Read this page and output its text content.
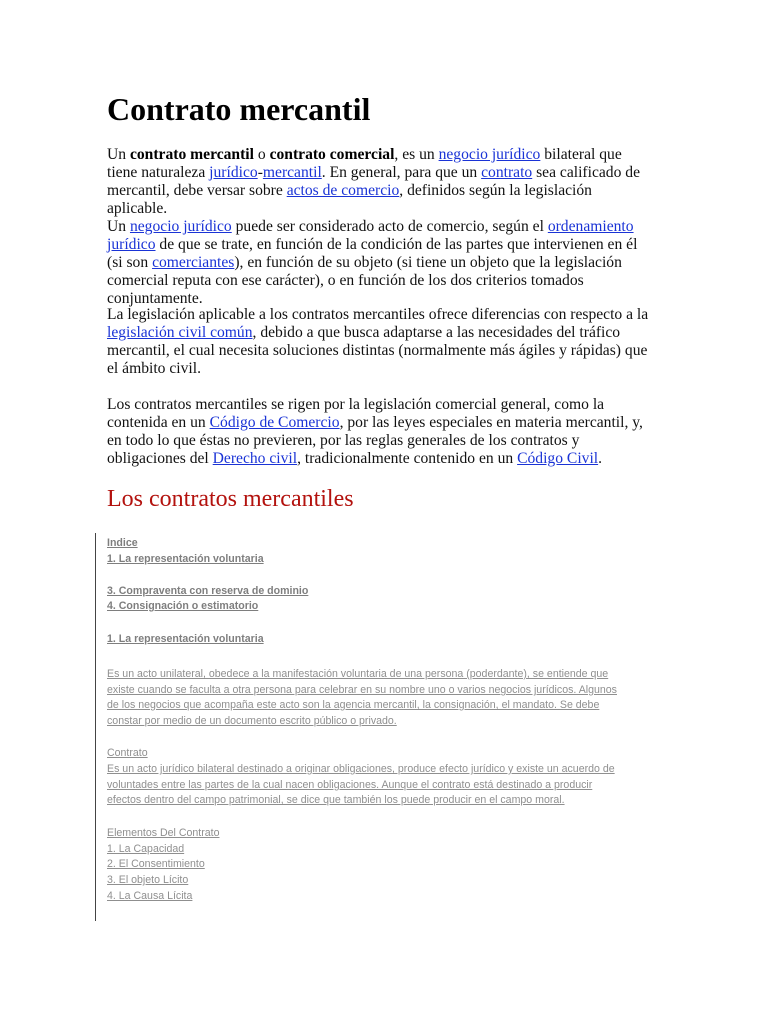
Contrato mercantil

Un contrato mercantil o contrato comercial, es un negocio jurídico bilateral que tiene naturaleza jurídico-mercantil. En general, para que un contrato sea calificado de mercantil, debe versar sobre actos de comercio, definidos según la legislación aplicable.

Un negocio jurídico puede ser considerado acto de comercio, según el ordenamiento jurídico de que se trate, en función de la condición de las partes que intervienen en él (si son comerciantes), en función de su objeto (si tiene un objeto que la legislación comercial reputa con ese carácter), o en función de los dos criterios tomados conjuntamente.

La legislación aplicable a los contratos mercantiles ofrece diferencias con respecto a la legislación civil común, debido a que busca adaptarse a las necesidades del tráfico mercantil, el cual necesita soluciones distintas (normalmente más ágiles y rápidas) que el ámbito civil.

Los contratos mercantiles se rigen por la legislación comercial general, como la contenida en un Código de Comercio, por las leyes especiales en materia mercantil, y, en todo lo que éstas no previeren, por las reglas generales de los contratos y obligaciones del Derecho civil, tradicionalmente contenido en un Código Civil.

Los contratos mercantiles
Indice
1. La representación voluntaria
3. Compraventa con reserva de dominio
4. Consignación o estimatorio
1. La representación voluntaria
Es un acto unilateral, obedece a la manifestación voluntaria de una persona (poderdante), se entiende que
existe cuando se faculta a otra persona para celebrar en su nombre uno o varios negocios jurídicos. Algunos
de los negocios que acompaña este acto son la agencia mercantil, la consignación, el mandato. Se debe
constar por medio de un documento escrito público o privado.
Contrato
Es un acto jurídico bilateral destinado a originar obligaciones, produce efecto jurídico y existe un acuerdo de
voluntades entre las partes de la cual nacen obligaciones. Aunque el contrato está destinado a producir
efectos dentro del campo patrimonial, se dice que también los puede producir en el campo moral.
Elementos Del Contrato
1. La Capacidad
2. El Consentimiento
3. El objeto Lícito
4. La Causa Lícita
